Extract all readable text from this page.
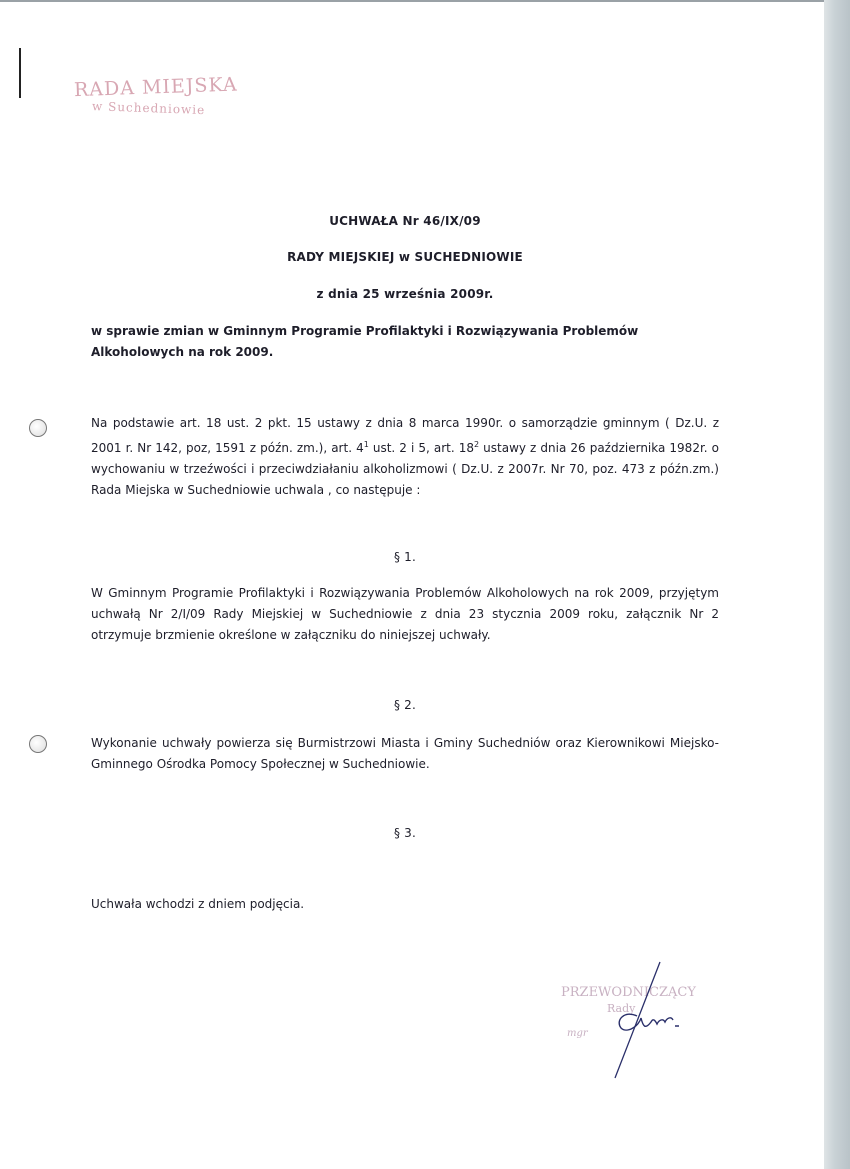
RADA MIEJSKA
w Suchedniowie
UCHWAŁA Nr 46/IX/09
RADY MIEJSKIEJ w SUCHEDNIOWIE
z dnia 25 września 2009r.
w sprawie zmian w Gminnym Programie Profilaktyki i Rozwiązywania Problemów Alkoholowych na rok 2009.
Na podstawie art. 18 ust. 2 pkt. 15 ustawy z dnia 8 marca 1990r. o samorządzie gminnym ( Dz.U. z 2001 r. Nr 142, poz, 1591 z późn. zm.), art. $4^1$ ust. 2 i 5, art. $18^2$ ustawy z dnia 26 października 1982r. o wychowaniu w trzeźwości i przeciwdziałaniu alkoholizmowi ( Dz.U. z 2007r. Nr 70, poz. 473 z późn.zm.) Rada Miejska w Suchedniowie uchwala , co następuje :
§ 1.
W Gminnym Programie Profilaktyki i Rozwiązywania Problemów Alkoholowych na rok 2009, przyjętym uchwałą Nr 2/I/09 Rady Miejskiej w Suchedniowie z dnia 23 stycznia 2009 roku, załącznik Nr 2 otrzymuje brzmienie określone w załączniku do niniejszej uchwały.
§ 2.
Wykonanie uchwały powierza się Burmistrzowi Miasta i Gminy Suchedniów oraz Kierownikowi Miejsko-Gminnego Ośrodka Pomocy Społecznej w Suchedniowie.
§ 3.
Uchwała wchodzi z dniem podjęcia.
PRZEWODNICZĄCY
Rady
mgr
